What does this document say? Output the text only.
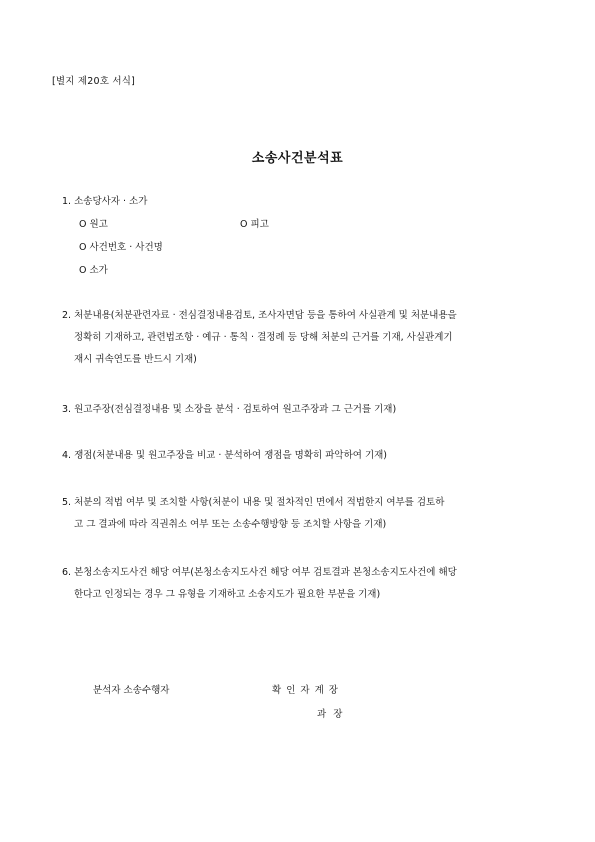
[별지 제20호 서식]
소송사건분석표
1. 소송당사자 · 소가
O 원고	O 피고
O 사건번호 · 사건명
O 소가
2. 처분내용(처분관련자료 · 전심결정내용검토, 조사자면담 등을 통하여 사실관계 및 처분내용을
정확히 기재하고, 관련법조항 · 예규 · 통칙 · 결정례 등 당해 처분의 근거를 기재, 사실관계기
재시 귀속연도를 반드시 기재)
3. 원고주장(전심결정내용 및 소장을 분석 · 검토하여 원고주장과 그 근거를 기재)
4. 쟁점(처분내용 및 원고주장을 비교 · 분석하여 쟁점을 명확히 파악하여 기재)
5. 처분의 적법 여부 및 조치할 사항(처분이 내용 및 절차적인 면에서 적법한지 여부를 검토하
고 그 결과에 따라 직권취소 여부 또는 소송수행방향 등 조치할 사항을 기재)
6. 본청소송지도사건 해당 여부(본청소송지도사건 해당 여부 검토결과 본청소송지도사건에 해당
한다고 인정되는 경우 그 유형을 기재하고 소송지도가 필요한 부분을 기재)
분석자 소송수행자	확 인 자 계 장
과 장
